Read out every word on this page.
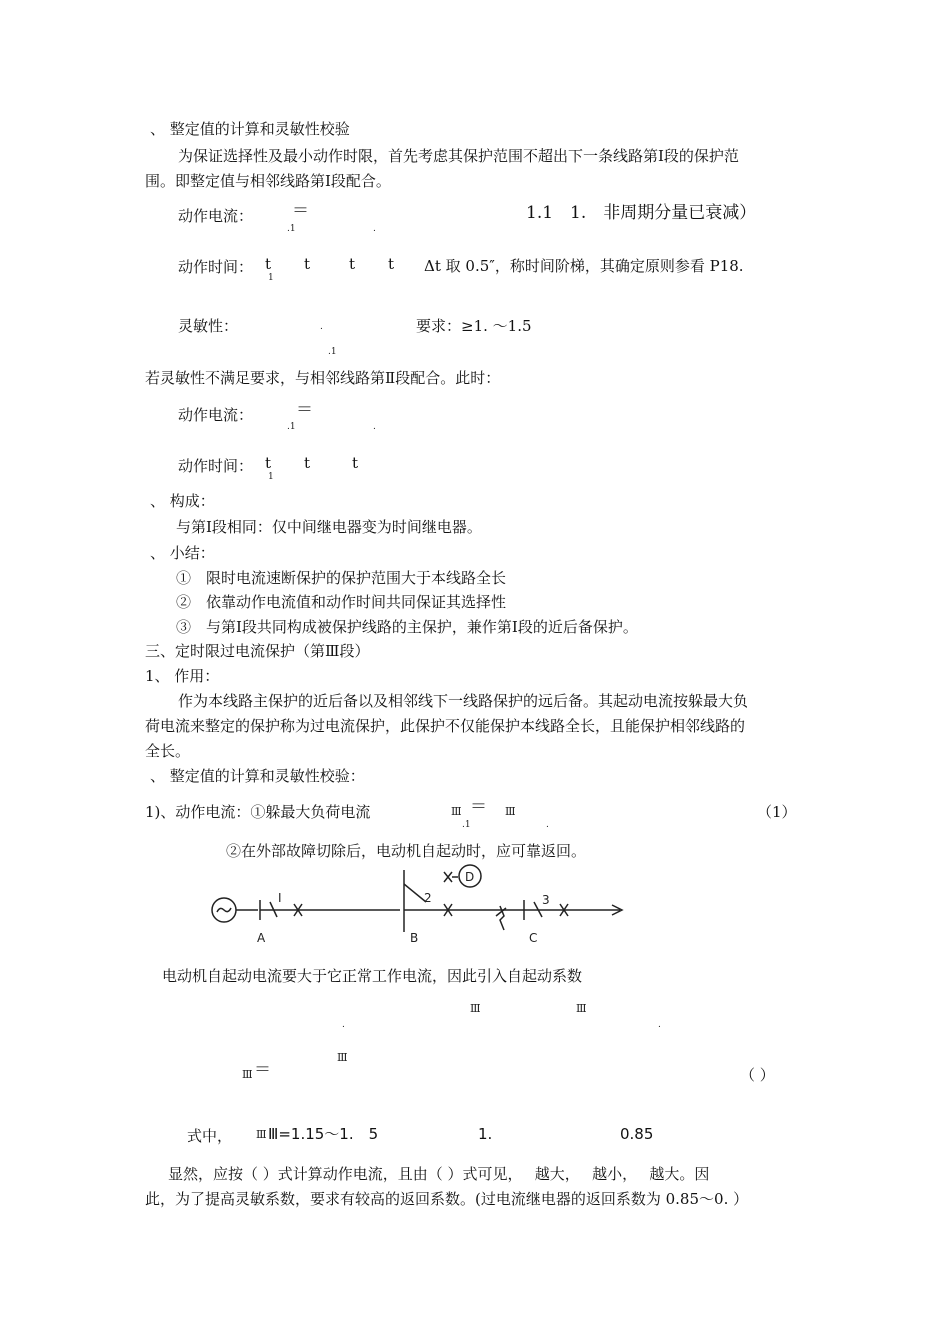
、 整定值的计算和灵敏性校验
为保证选择性及最小动作时限，首先考虑其保护范围不超出下一条线路第Ⅰ段的保护范
围。即整定值与相邻线路第Ⅰ段配合。
动作电流： ＝
.1	.
1.1　1.　非周期分量已衰减）
动作时间： t
1
t	t t Δt 取 0.5″，称时间阶梯，其确定原则参看 P18.
灵敏性：	.	要求：≥1. ～1.5
.1
若灵敏性不满足要求，与相邻线路第Ⅱ段配合。此时：
动作电流：	＝
.1	.
动作时间： t
1
t	t
、 构成：
与第Ⅰ段相同：仅中间继电器变为时间继电器。
、 小结：
①　限时电流速断保护的保护范围大于本线路全长
②　依靠动作电流值和动作时间共同保证其选择性
③　与第Ⅰ段共同构成被保护线路的主保护，兼作第Ⅰ段的近后备保护。
三、定时限过电流保护（第Ⅲ段）
1、 作用：
作为本线路主保护的近后备以及相邻线下一线路保护的远后备。其起动电流按躲最大负
荷电流来整定的保护称为过电流保护，此保护不仅能保护本线路全长，且能保护相邻线路的
全长。
、 整定值的计算和灵敏性校验：
1)、动作电流：①躲最大负荷电流	Ⅲ ＝ Ⅲ
.1	.
（1）
②在外部故障切除后，电动机自起动时，应可靠返回。
I
A
2
B
D
3
C
电动机自起动电流要大于它正常工作电流，因此引入自起动系数
Ⅲ	Ⅲ
.	.
Ⅲ
Ⅲ ＝	（ ）
式中， Ⅲ Ⅲ=1.15～1.　5	1.	0.85
显然，应按（ ）式计算动作电流，且由（ ）式可见，　 越大，　 越小，　 越大。因
此，为了提高灵敏系数，要求有较高的返回系数。(过电流继电器的返回系数为 0.85～0. ）
